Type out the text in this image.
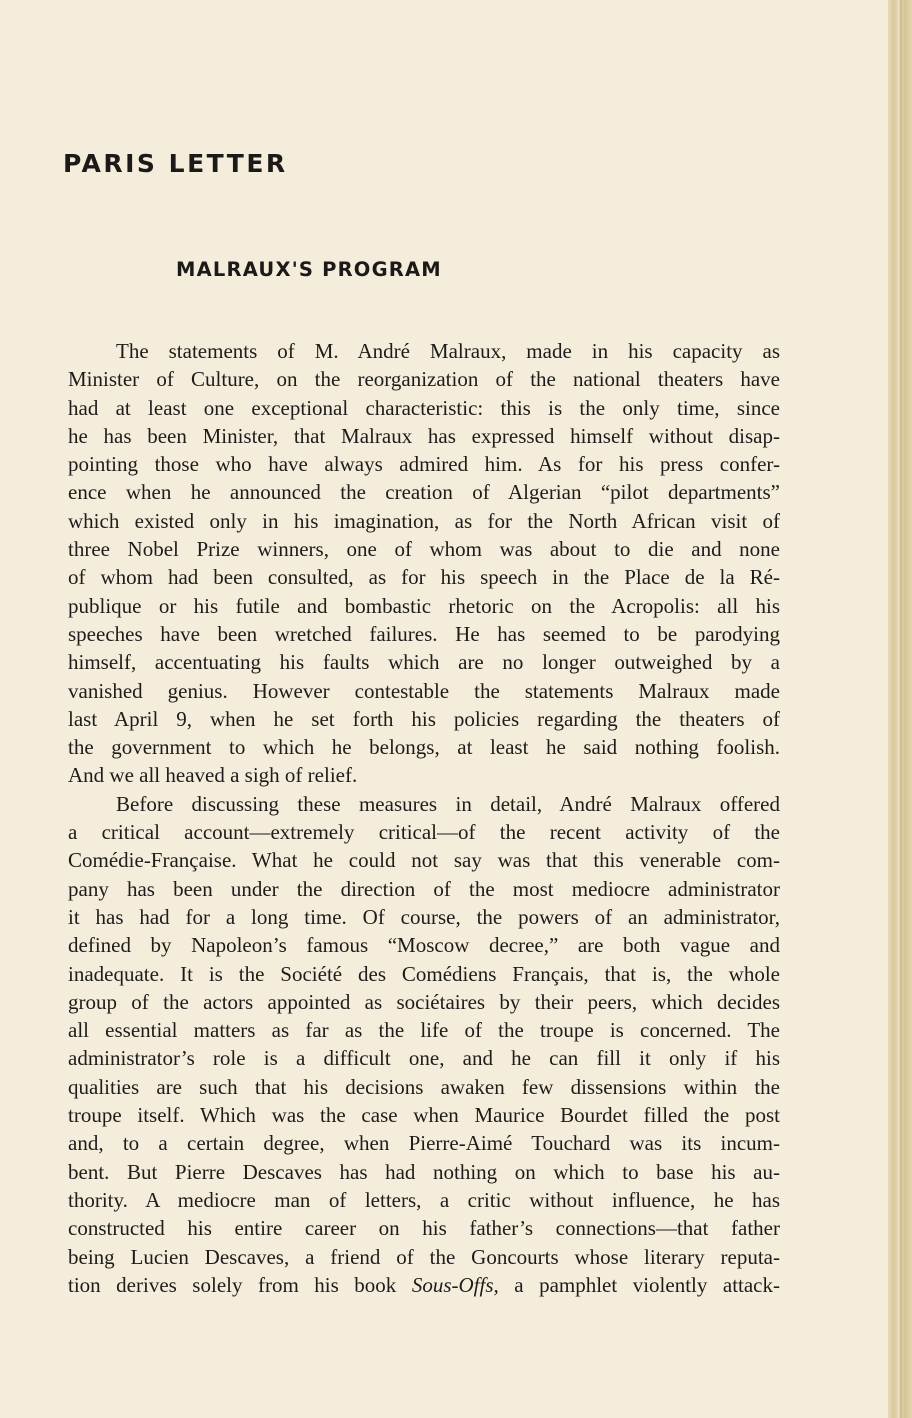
PARIS LETTER
MALRAUX'S PROGRAM

The statements of M. André Malraux, made in his capacity as
Minister of Culture, on the reorganization of the national theaters have
had at least one exceptional characteristic: this is the only time, since
he has been Minister, that Malraux has expressed himself without disap-
pointing those who have always admired him. As for his press confer-
ence when he announced the creation of Algerian “pilot departments”
which existed only in his imagination, as for the North African visit of
three Nobel Prize winners, one of whom was about to die and none
of whom had been consulted, as for his speech in the Place de la Ré-
publique or his futile and bombastic rhetoric on the Acropolis: all his
speeches have been wretched failures. He has seemed to be parodying
himself, accentuating his faults which are no longer outweighed by a
vanished genius. However contestable the statements Malraux made
last April 9, when he set forth his policies regarding the theaters of
the government to which he belongs, at least he said nothing foolish.
And we all heaved a sigh of relief.

Before discussing these measures in detail, André Malraux offered
a critical account—extremely critical—of the recent activity of the
Comédie-Française. What he could not say was that this venerable com-
pany has been under the direction of the most mediocre administrator
it has had for a long time. Of course, the powers of an administrator,
defined by Napoleon’s famous “Moscow decree,” are both vague and
inadequate. It is the Société des Comédiens Français, that is, the whole
group of the actors appointed as sociétaires by their peers, which decides
all essential matters as far as the life of the troupe is concerned. The
administrator’s role is a difficult one, and he can fill it only if his
qualities are such that his decisions awaken few dissensions within the
troupe itself. Which was the case when Maurice Bourdet filled the post
and, to a certain degree, when Pierre-Aimé Touchard was its incum-
bent. But Pierre Descaves has had nothing on which to base his au-
thority. A mediocre man of letters, a critic without influence, he has
constructed his entire career on his father’s connections—that father
being Lucien Descaves, a friend of the Goncourts whose literary reputa-
tion derives solely from his book Sous-Offs, a pamphlet violently attack-
